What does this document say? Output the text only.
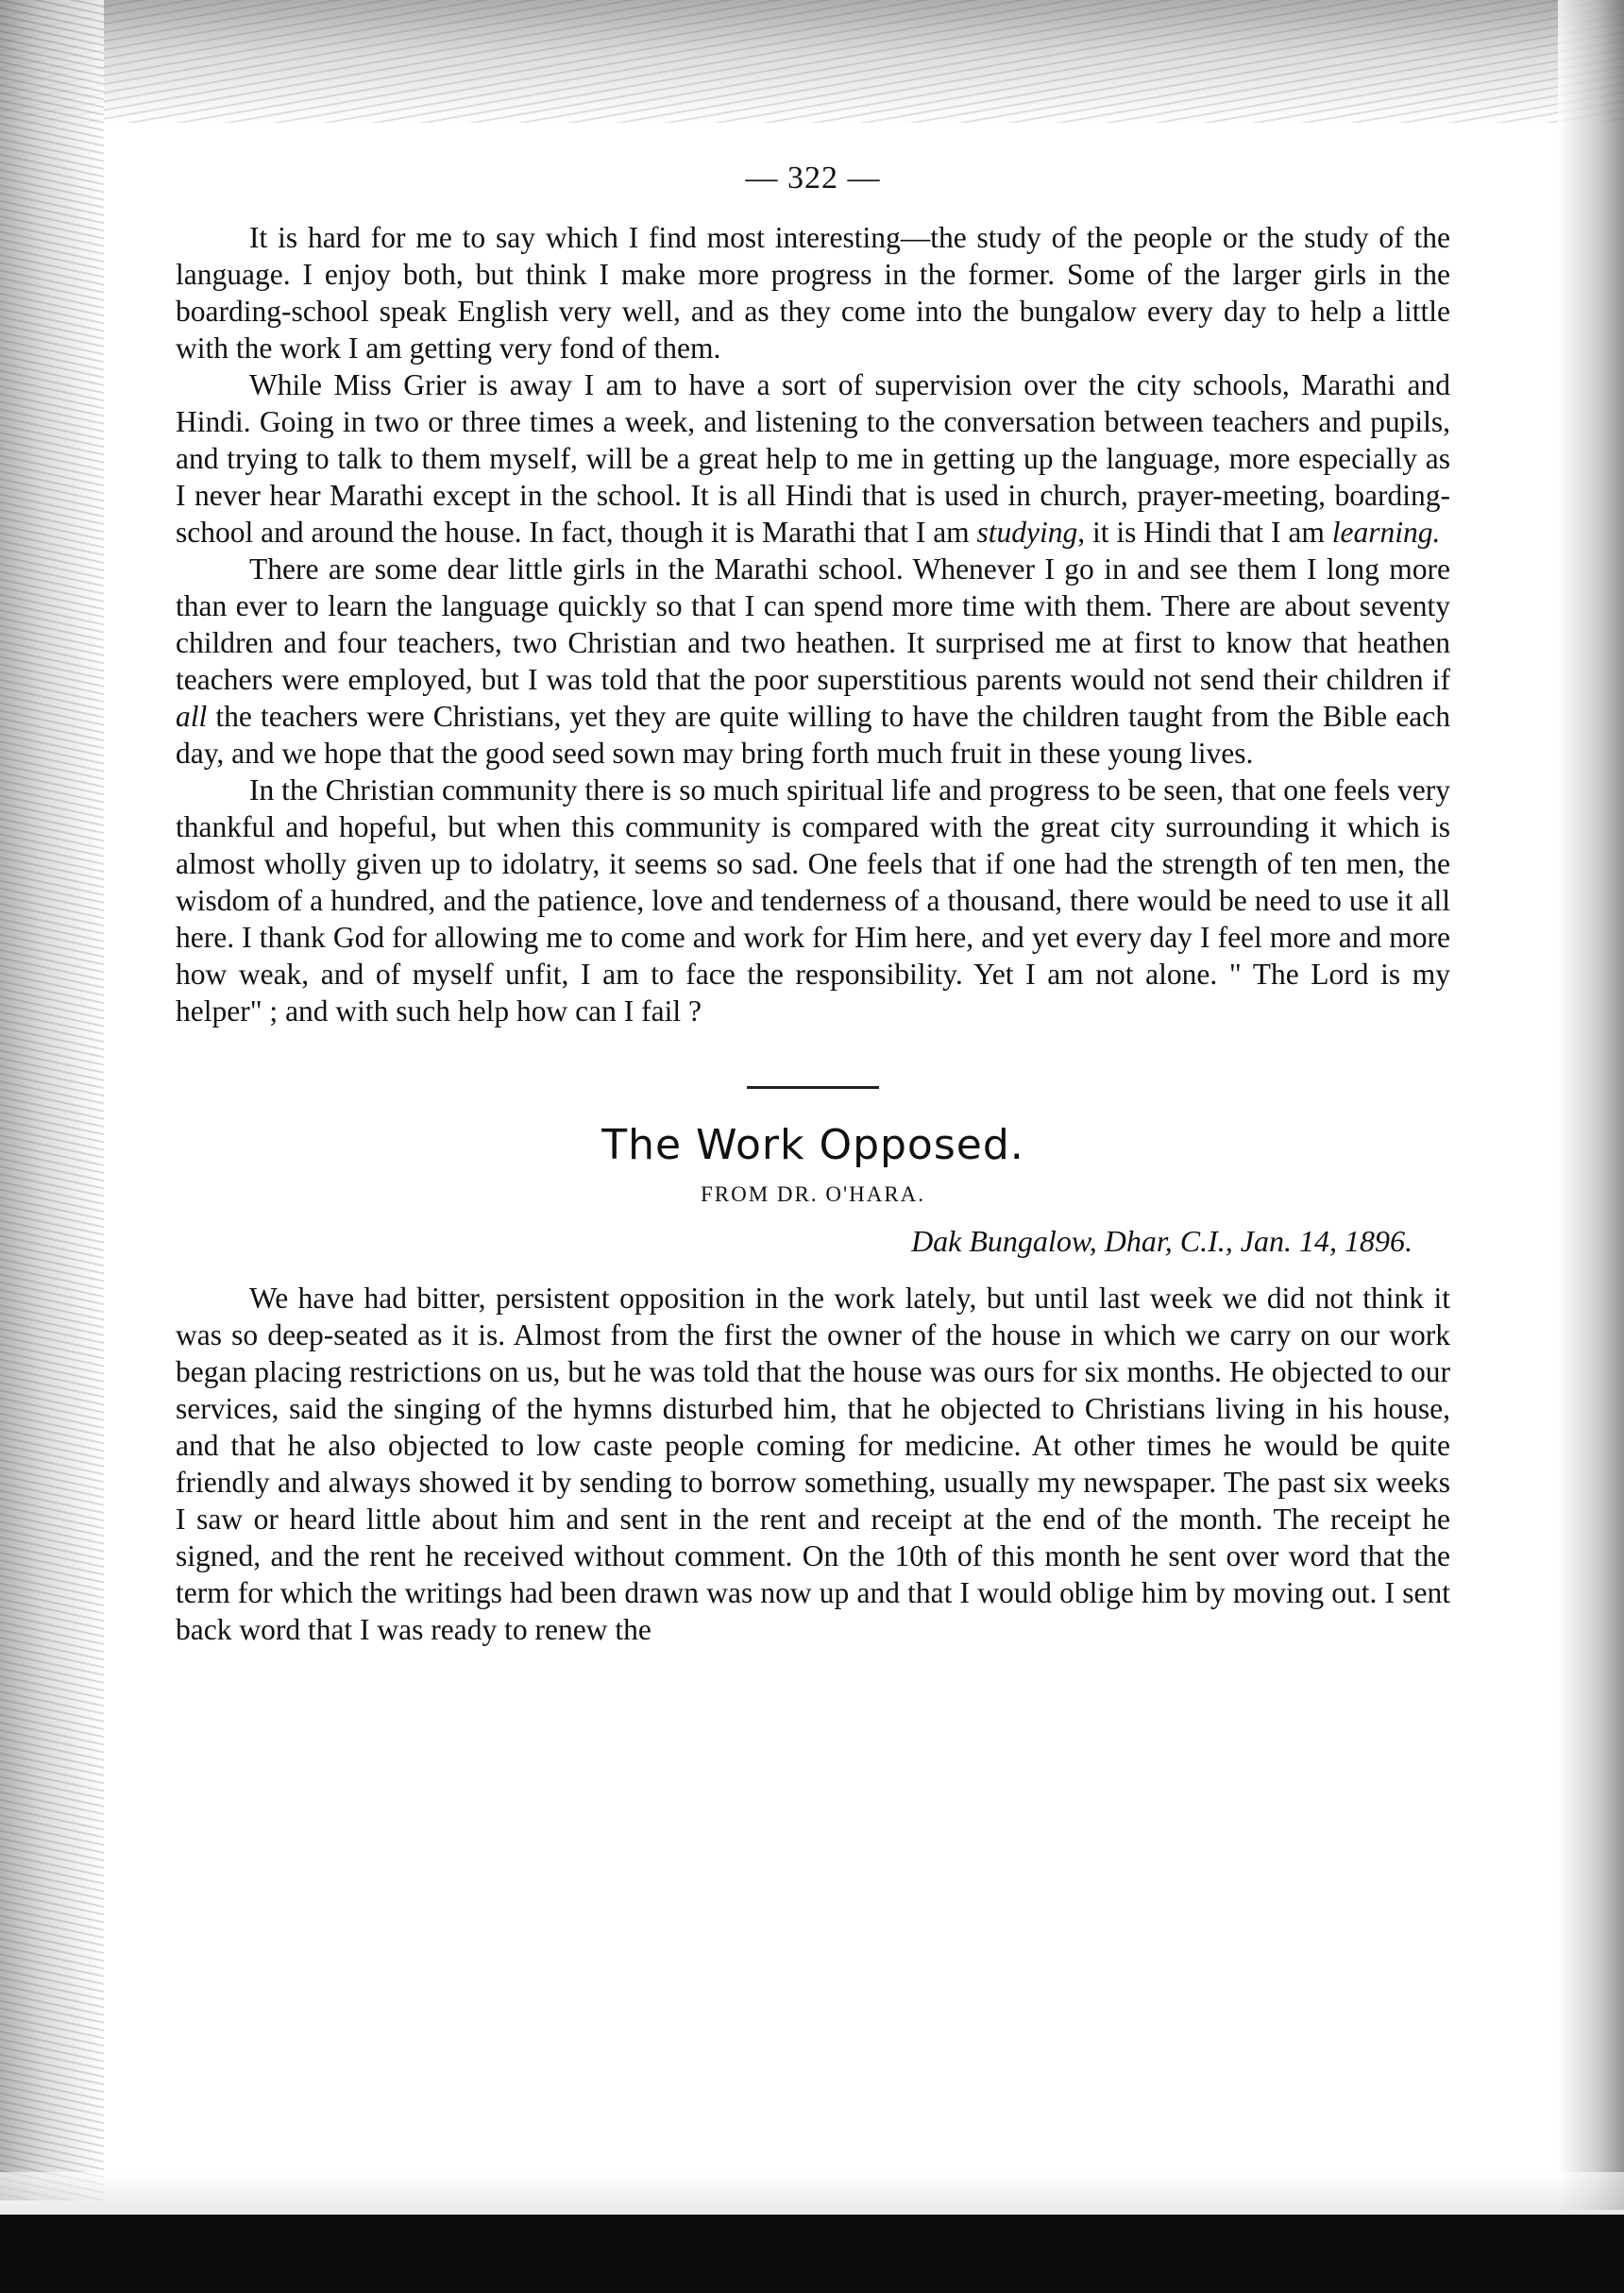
— 322 —

It is hard for me to say which I find most interesting—the study of the people or the study of the language. I enjoy both, but think I make more progress in the former. Some of the larger girls in the boarding-school speak English very well, and as they come into the bungalow every day to help a little with the work I am getting very fond of them.

While Miss Grier is away I am to have a sort of supervision over the city schools, Marathi and Hindi. Going in two or three times a week, and listening to the conversation between teachers and pupils, and trying to talk to them myself, will be a great help to me in getting up the language, more especially as I never hear Marathi except in the school. It is all Hindi that is used in church, prayer-meeting, boarding-school and around the house. In fact, though it is Marathi that I am studying, it is Hindi that I am learning.

There are some dear little girls in the Marathi school. Whenever I go in and see them I long more than ever to learn the language quickly so that I can spend more time with them. There are about seventy children and four teachers, two Christian and two heathen. It surprised me at first to know that heathen teachers were employed, but I was told that the poor superstitious parents would not send their children if all the teachers were Christians, yet they are quite willing to have the children taught from the Bible each day, and we hope that the good seed sown may bring forth much fruit in these young lives.

In the Christian community there is so much spiritual life and progress to be seen, that one feels very thankful and hopeful, but when this community is compared with the great city surrounding it which is almost wholly given up to idolatry, it seems so sad. One feels that if one had the strength of ten men, the wisdom of a hundred, and the patience, love and tenderness of a thousand, there would be need to use it all here. I thank God for allowing me to come and work for Him here, and yet every day I feel more and more how weak, and of myself unfit, I am to face the responsibility. Yet I am not alone. " The Lord is my helper" ; and with such help how can I fail ?

The Work Opposed.
FROM DR. O'HARA.
Dak Bungalow, Dhar, C.I., Jan. 14, 1896.

We have had bitter, persistent opposition in the work lately, but until last week we did not think it was so deep-seated as it is. Almost from the first the owner of the house in which we carry on our work began placing restrictions on us, but he was told that the house was ours for six months. He objected to our services, said the singing of the hymns disturbed him, that he objected to Christians living in his house, and that he also objected to low caste people coming for medicine. At other times he would be quite friendly and always showed it by sending to borrow something, usually my newspaper. The past six weeks I saw or heard little about him and sent in the rent and receipt at the end of the month. The receipt he signed, and the rent he received without comment. On the 10th of this month he sent over word that the term for which the writings had been drawn was now up and that I would oblige him by moving out. I sent back word that I was ready to renew the
